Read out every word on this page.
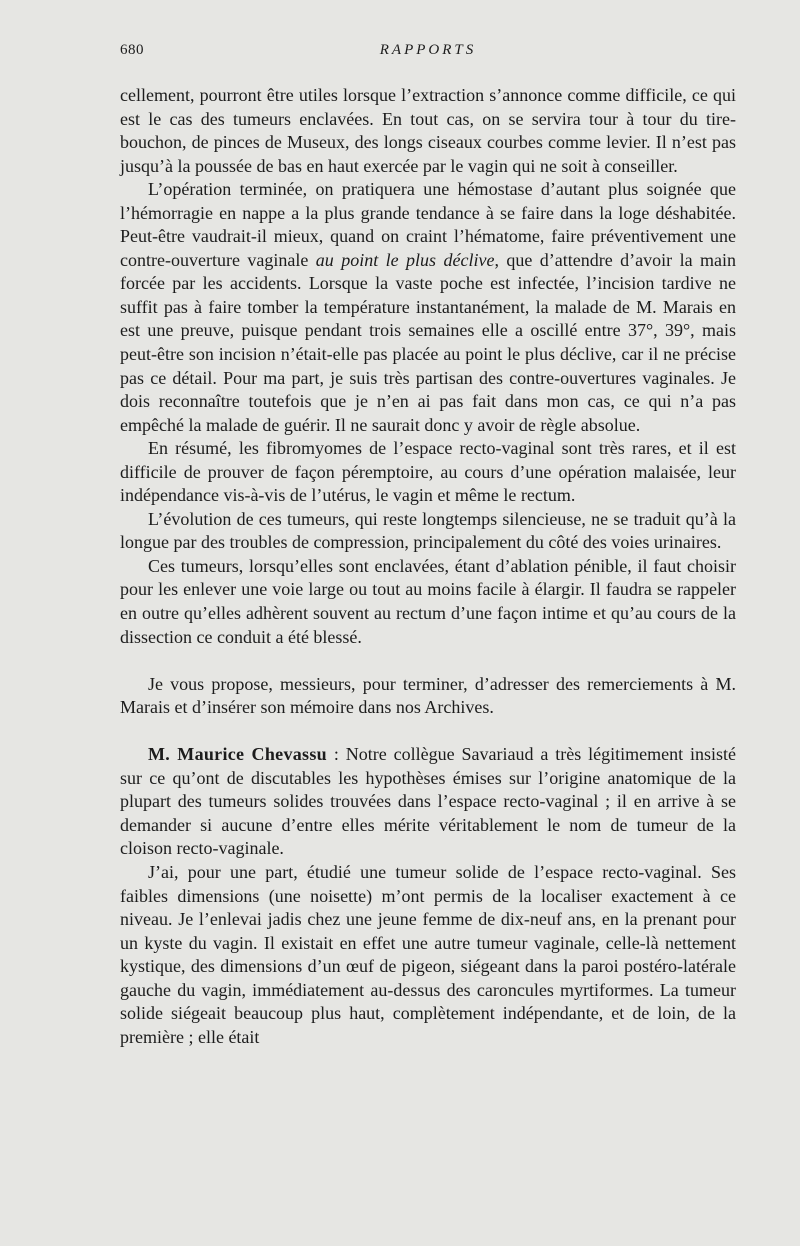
680	RAPPORTS

cellement, pourront être utiles lorsque l’extraction s’annonce comme difficile, ce qui est le cas des tumeurs enclavées. En tout cas, on se servira tour à tour du tire-bouchon, de pinces de Museux, des longs ciseaux courbes comme levier. Il n’est pas jusqu’à la poussée de bas en haut exercée par le vagin qui ne soit à conseiller.

L’opération terminée, on pratiquera une hémostase d’autant plus soignée que l’hémorragie en nappe a la plus grande tendance à se faire dans la loge déshabitée. Peut-être vaudrait-il mieux, quand on craint l’hématome, faire préventivement une contre-ouverture vaginale au point le plus déclive, que d’attendre d’avoir la main forcée par les accidents. Lorsque la vaste poche est infectée, l’incision tardive ne suffit pas à faire tomber la température instantanément, la malade de M. Marais en est une preuve, puisque pendant trois semaines elle a oscillé entre 37°, 39°, mais peut-être son incision n’était-elle pas placée au point le plus déclive, car il ne précise pas ce détail. Pour ma part, je suis très partisan des contre-ouvertures vaginales. Je dois reconnaître toutefois que je n’en ai pas fait dans mon cas, ce qui n’a pas empêché la malade de guérir. Il ne saurait donc y avoir de règle absolue.

En résumé, les fibromyomes de l’espace recto-vaginal sont très rares, et il est difficile de prouver de façon péremptoire, au cours d’une opération malaisée, leur indépendance vis-à-vis de l’utérus, le vagin et même le rectum.

L’évolution de ces tumeurs, qui reste longtemps silencieuse, ne se traduit qu’à la longue par des troubles de compression, principalement du côté des voies urinaires.

Ces tumeurs, lorsqu’elles sont enclavées, étant d’ablation pénible, il faut choisir pour les enlever une voie large ou tout au moins facile à élargir. Il faudra se rappeler en outre qu’elles adhèrent souvent au rectum d’une façon intime et qu’au cours de la dissection ce conduit a été blessé.

Je vous propose, messieurs, pour terminer, d’adresser des remerciements à M. Marais et d’insérer son mémoire dans nos Archives.

M. Maurice Chevassu : Notre collègue Savariaud a très légitimement insisté sur ce qu’ont de discutables les hypothèses émises sur l’origine anatomique de la plupart des tumeurs solides trouvées dans l’espace recto-vaginal ; il en arrive à se demander si aucune d’entre elles mérite véritablement le nom de tumeur de la cloison recto-vaginale.

J’ai, pour une part, étudié une tumeur solide de l’espace recto-vaginal. Ses faibles dimensions (une noisette) m’ont permis de la localiser exactement à ce niveau. Je l’enlevai jadis chez une jeune femme de dix-neuf ans, en la prenant pour un kyste du vagin. Il existait en effet une autre tumeur vaginale, celle-là nettement kystique, des dimensions d’un œuf de pigeon, siégeant dans la paroi postéro-latérale gauche du vagin, immédiatement au-dessus des caroncules myrtiformes. La tumeur solide siégeait beaucoup plus haut, complètement indépendante, et de loin, de la première ; elle était
